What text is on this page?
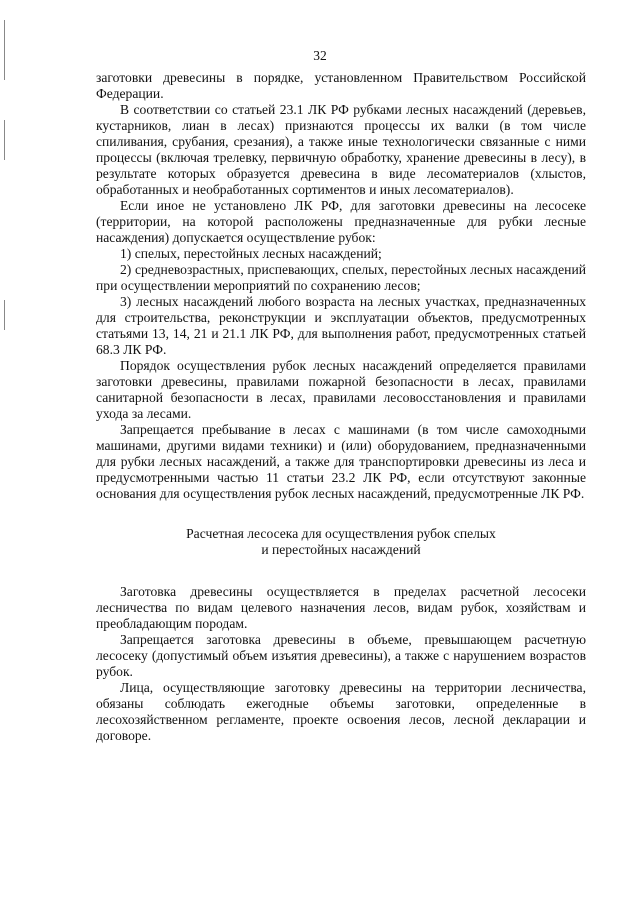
32

заготовки древесины в порядке, установленном Правительством Российской Федерации.

В соответствии со статьей 23.1 ЛК РФ рубками лесных насаждений (деревьев, кустарников, лиан в лесах) признаются процессы их валки (в том числе спиливания, срубания, срезания), а также иные технологически связанные с ними процессы (включая трелевку, первичную обработку, хранение древесины в лесу), в результате которых образуется древесина в виде лесоматериалов (хлыстов, обработанных и необработанных сортиментов и иных лесоматериалов).

Если иное не установлено ЛК РФ, для заготовки древесины на лесосеке (территории, на которой расположены предназначенные для рубки лесные насаждения) допускается осуществление рубок:

1) спелых, перестойных лесных насаждений;

2) средневозрастных, приспевающих, спелых, перестойных лесных насаждений при осуществлении мероприятий по сохранению лесов;

3) лесных насаждений любого возраста на лесных участках, предназначенных для строительства, реконструкции и эксплуатации объектов, предусмотренных статьями 13, 14, 21 и 21.1 ЛК РФ, для выполнения работ, предусмотренных статьей 68.3 ЛК РФ.

Порядок осуществления рубок лесных насаждений определяется правилами заготовки древесины, правилами пожарной безопасности в лесах, правилами санитарной безопасности в лесах, правилами лесовосстановления и правилами ухода за лесами.

Запрещается пребывание в лесах с машинами (в том числе самоходными машинами, другими видами техники) и (или) оборудованием, предназначенными для рубки лесных насаждений, а также для транспортировки древесины из леса и предусмотренными частью 11 статьи 23.2 ЛК РФ, если отсутствуют законные основания для осуществления рубок лесных насаждений, предусмотренные ЛК РФ.

Расчетная лесосека для осуществления рубок спелых
и перестойных насаждений

Заготовка древесины осуществляется в пределах расчетной лесосеки лесничества по видам целевого назначения лесов, видам рубок, хозяйствам и преобладающим породам.

Запрещается заготовка древесины в объеме, превышающем расчетную лесосеку (допустимый объем изъятия древесины), а также с нарушением возрастов рубок.

Лица, осуществляющие заготовку древесины на территории лесничества, обязаны соблюдать ежегодные объемы заготовки, определенные в лесохозяйственном регламенте, проекте освоения лесов, лесной декларации и договоре.
